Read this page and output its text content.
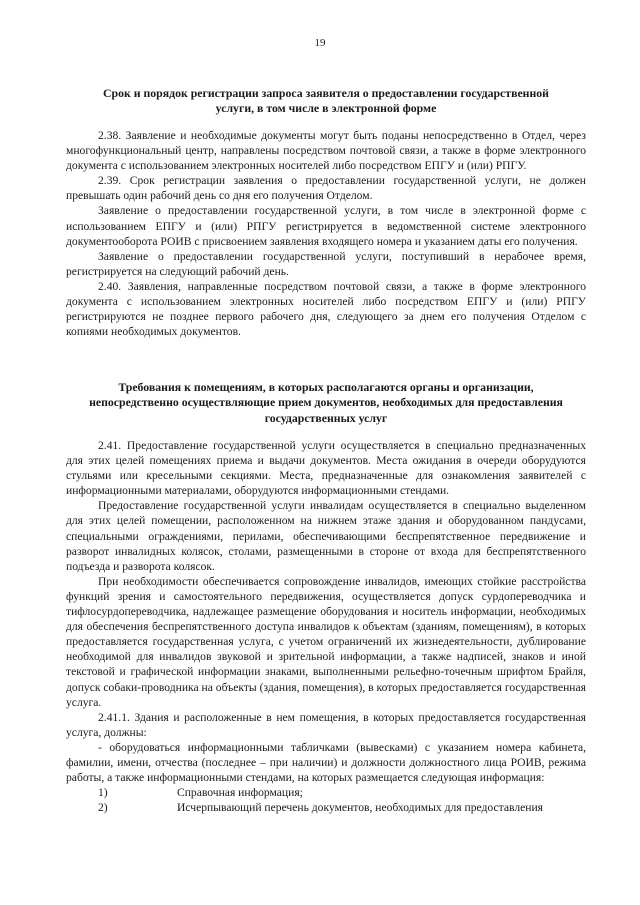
19
Срок и порядок регистрации запроса заявителя о предоставлении государственной
услуги, в том числе в электронной форме

2.38. Заявление и необходимые документы могут быть поданы непосредственно в Отдел, через многофункциональный центр, направлены посредством почтовой связи, а также в форме электронного документа с использованием электронных носителей либо посредством ЕПГУ и (или) РПГУ.

2.39. Срок регистрации заявления о предоставлении государственной услуги, не должен превышать один рабочий день со дня его получения Отделом.

Заявление о предоставлении государственной услуги, в том числе в электронной форме с использованием ЕПГУ и (или) РПГУ регистрируется в ведомственной системе электронного документооборота РОИВ с присвоением заявления входящего номера и указанием даты его получения.

Заявление о предоставлении государственной услуги, поступивший в нерабочее время, регистрируется на следующий рабочий день.

2.40. Заявления, направленные посредством почтовой связи, а также в форме электронного документа с использованием электронных носителей либо посредством ЕПГУ и (или) РПГУ регистрируются не позднее первого рабочего дня, следующего за днем его получения Отделом с копиями необходимых документов.

Требования к помещениям, в которых располагаются органы и организации,
непосредственно осуществляющие прием документов, необходимых для предоставления
государственных услуг

2.41. Предоставление государственной услуги осуществляется в специально предназначенных для этих целей помещениях приема и выдачи документов. Места ожидания в очереди оборудуются стульями или кресельными секциями. Места, предназначенные для ознакомления заявителей с информационными материалами, оборудуются информационными стендами.

Предоставление государственной услуги инвалидам осуществляется в специально выделенном для этих целей помещении, расположенном на нижнем этаже здания и оборудованном пандусами, специальными ограждениями, перилами, обеспечивающими беспрепятственное передвижение и разворот инвалидных колясок, столами, размещенными в стороне от входа для беспрепятственного подъезда и разворота колясок.

При необходимости обеспечивается сопровождение инвалидов, имеющих стойкие расстройства функций зрения и самостоятельного передвижения, осуществляется допуск сурдопереводчика и тифлосурдопереводчика, надлежащее размещение оборудования и носитель информации, необходимых для обеспечения беспрепятственного доступа инвалидов к объектам (зданиям, помещениям), в которых предоставляется государственная услуга, с учетом ограничений их жизнедеятельности, дублирование необходимой для инвалидов звуковой и зрительной информации, а также надписей, знаков и иной текстовой и графической информации знаками, выполненными рельефно-точечным шрифтом Брайля, допуск собаки-проводника на объекты (здания, помещения), в которых предоставляется государственная услуга.

2.41.1. Здания и расположенные в нем помещения, в которых предоставляется государственная услуга, должны:

- оборудоваться информационными табличками (вывесками) с указанием номера кабинета, фамилии, имени, отчества (последнее – при наличии) и должности должностного лица РОИВ, режима работы, а также информационными стендами, на которых размещается следующая информация:

1)	Справочная информация;

2)	Исчерпывающий перечень документов, необходимых для предоставления
